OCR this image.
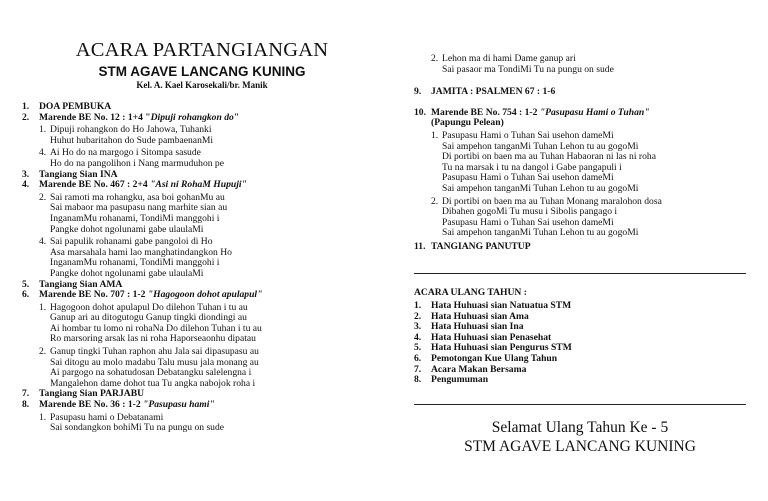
ACARA PARTANGIANGAN
STM AGAVE LANCANG KUNING
Kel. A. Kael Karosekali/br. Manik
1. DOA PEMBUKA
2. Marende BE No. 12 : 1+4 "Dipuji rohangkon do"
1. Dipuji rohangkon do Ho Jahowa, Tuhanki
Huhut hubaritahon do Sude pambaenanMi
4. Ai Ho do na margogo i Sitompa sasude
Ho do na pangolihon i Nang marmuduhon pe
3. Tangiang Sian INA
4. Marende BE No. 467 : 2+4 "Asi ni RohaM Hupuji"
2. Sai ramoti ma rohangku, asa boi gohanMu au
Sai mabaor ma pasupasu nang marhite sian au
InganamMu rohanami, TondiMi manggohi i
Pangke dohot ngolunami gabe ulaulaMi
4. Sai papulik rohanami gabe pangoloi di Ho
Asa marsahala hami lao manghatindangkon Ho
InganamMu rohanami, TondiMi manggohi i
Pangke dohot ngolunami gabe ulaulaMi
5. Tangiang Sian AMA
6. Marende BE No. 707 : 1-2 "Hagogoon dohot apulapul"
1. Hagogoon dohot apulapul Do dilehon Tuhan i tu au
Ganup ari au ditogutogu Ganup tingki diondingi au
Ai hombar tu lomo ni rohaNa Do dilehon Tuhan i tu au
Ro marsoring arsak las ni roha Haporseaonhu dipatau
2. Ganup tingki Tuhan raphon ahu Jala sai dipasupasu au
Sai ditogu au molo madabu Talu musu jala monang au
Ai pargogo na sohatudosan Debatangku salelengna i
Mangalehon dame dohot tua Tu angka nabojok roha i
7. Tangiang Sian PARJABU
8. Marende BE No. 36 : 1-2 "Pasupasu hami"
1. Pasupasu hami o Debatanami
Sai sondangkon bohiMi Tu na pungu on sude
2. Lehon ma di hami Dame ganup ari
Sai pasaor ma TondiMi Tu na pungu on sude
9. JAMITA : PSALMEN 67 : 1-6
10. Marende BE No. 754 : 1-2 "Pasupasu Hami o Tuhan"
(Papungu Pelean)
1. Pasupasu Hami o Tuhan Sai usehon dameMi
Sai ampehon tanganMi Tuhan Lehon tu au gogoMi
Di portibi on baen ma au Tuhan Habaoran ni las ni roha
Tu na marsak i tu na dangol i Gabe pangapuli i
Pasupasu Hami o Tuhan Sai usehon dameMi
Sai ampehon tanganMi Tuhan Lehon tu au gogoMi
2. Di portibi on baen ma au Tuhan Monang maralohon dosa
Dibahen gogoMi Tu musu i Sibolis pangago i
Pasupasu Hami o Tuhan Sai usehon dameMi
Sai ampehon tanganMi Tuhan Lehon tu au gogoMi
11. TANGIANG PANUTUP
ACARA ULANG TAHUN :
1. Hata Huhuasi sian Natuatua STM
2. Hata Huhuasi sian Ama
3. Hata Huhuasi sian Ina
4. Hata Huhuasi sian Penasehat
5. Hata Huhuasi sian Pengurus STM
6. Pemotongan Kue Ulang Tahun
7. Acara Makan Bersama
8. Pengumuman
Selamat Ulang Tahun Ke - 5
STM AGAVE LANCANG KUNING
